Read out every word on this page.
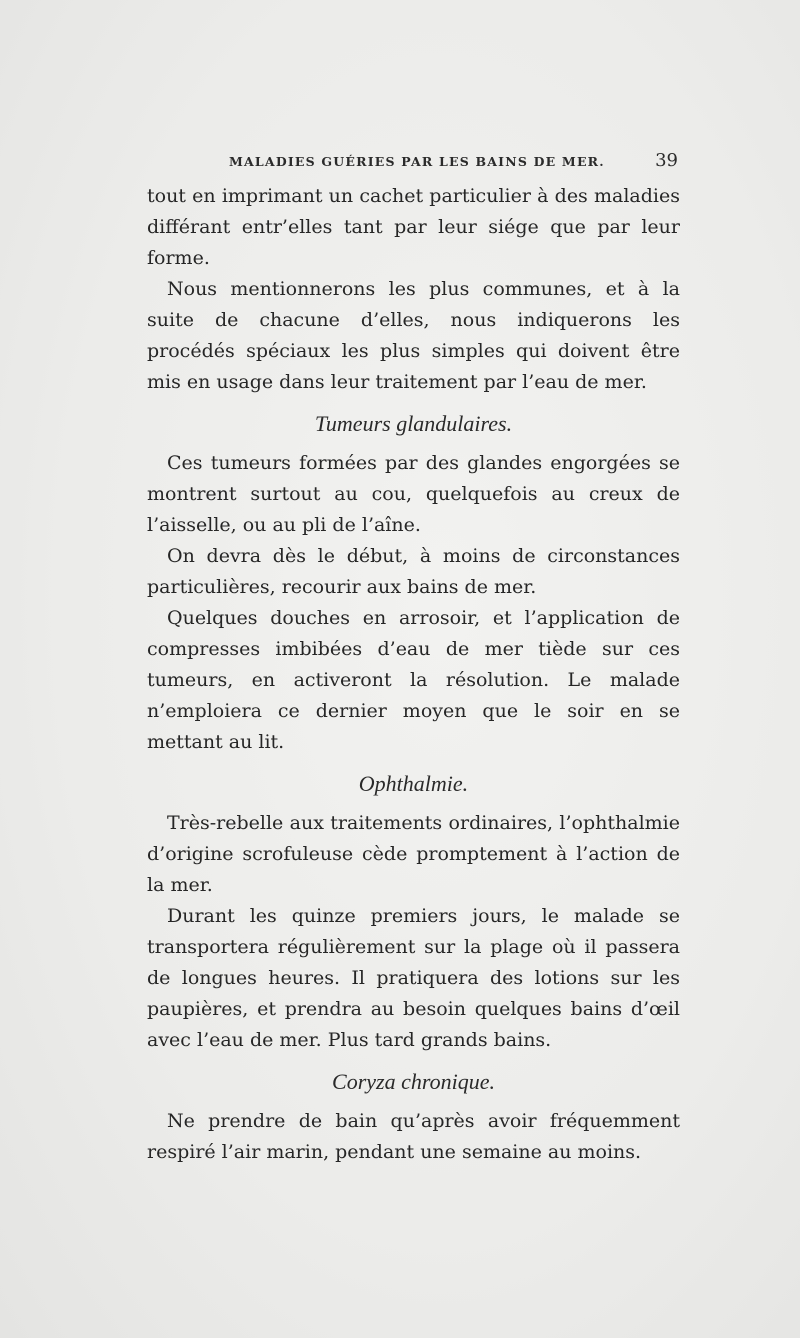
MALADIES GUÉRIES PAR LES BAINS DE MER.	39

tout en imprimant un cachet particulier à des maladies différant entr’elles tant par leur siége que par leur forme.

Nous mentionnerons les plus communes, et à la suite de chacune d’elles, nous indiquerons les procédés spéciaux les plus simples qui doivent être mis en usage dans leur traitement par l’eau de mer.

Tumeurs glandulaires.

Ces tumeurs formées par des glandes engorgées se montrent surtout au cou, quelquefois au creux de l’aisselle, ou au pli de l’aîne.

On devra dès le début, à moins de circonstances particulières, recourir aux bains de mer.

Quelques douches en arrosoir, et l’application de compresses imbibées d’eau de mer tiède sur ces tumeurs, en activeront la résolution. Le malade n’emploiera ce dernier moyen que le soir en se mettant au lit.

Ophthalmie.

Très-rebelle aux traitements ordinaires, l’ophthalmie d’origine scrofuleuse cède promptement à l’action de la mer.

Durant les quinze premiers jours, le malade se transportera régulièrement sur la plage où il passera de longues heures. Il pratiquera des lotions sur les paupières, et prendra au besoin quelques bains d’œil avec l’eau de mer. Plus tard grands bains.

Coryza chronique.

Ne prendre de bain qu’après avoir fréquemment respiré l’air marin, pendant une semaine au moins.
